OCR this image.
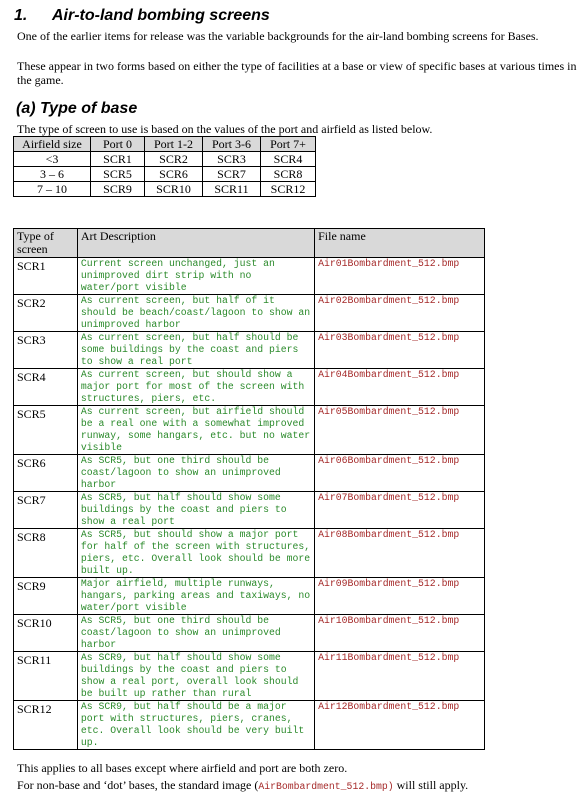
1. Air-to-land bombing screens
One of the earlier items for release was the variable backgrounds for the air-land bombing screens for Bases.
These appear in two forms based on either the type of facilities at a base or view of specific bases at various times in the game.
(a) Type of base
The type of screen to use is based on the values of the port and airfield as listed below.
Airfield size	Port 0	Port 1-2	Port 3-6	Port 7+
<3	SCR1	SCR2	SCR3	SCR4
3 – 6	SCR5	SCR6	SCR7	SCR8
7 – 10	SCR9	SCR10	SCR11	SCR12
Type of screen	Art Description	File name
SCR1	Current screen unchanged, just an unimproved dirt strip with no water/port visible	Air01Bombardment_512.bmp
SCR2	As current screen, but half of it should be beach/coast/lagoon to show an unimproved harbor	Air02Bombardment_512.bmp
SCR3	As current screen, but half should be some buildings by the coast and piers to show a real port	Air03Bombardment_512.bmp
SCR4	As current screen, but should show a major port for most of the screen with structures, piers, etc.	Air04Bombardment_512.bmp
SCR5	As current screen, but airfield should be a real one with a somewhat improved runway, some hangars, etc. but no water visible	Air05Bombardment_512.bmp
SCR6	As SCR5, but one third should be coast/lagoon to show an unimproved harbor	Air06Bombardment_512.bmp
SCR7	As SCR5, but half should show some buildings by the coast and piers to show a real port	Air07Bombardment_512.bmp
SCR8	As SCR5, but should show a major port for half of the screen with structures, piers, etc. Overall look should be more built up.	Air08Bombardment_512.bmp
SCR9	Major airfield, multiple runways, hangars, parking areas and taxiways, no water/port visible	Air09Bombardment_512.bmp
SCR10	As SCR5, but one third should be coast/lagoon to show an unimproved harbor	Air10Bombardment_512.bmp
SCR11	As SCR9, but half should show some buildings by the coast and piers to show a real port, overall look should be built up rather than rural	Air11Bombardment_512.bmp
SCR12	As SCR9, but half should be a major port with structures, piers, cranes, etc. Overall look should be very built up.	Air12Bombardment_512.bmp
This applies to all bases except where airfield and port are both zero.
For non-base and ‘dot’ bases, the standard image (AirBombardment_512.bmp) will still apply.
